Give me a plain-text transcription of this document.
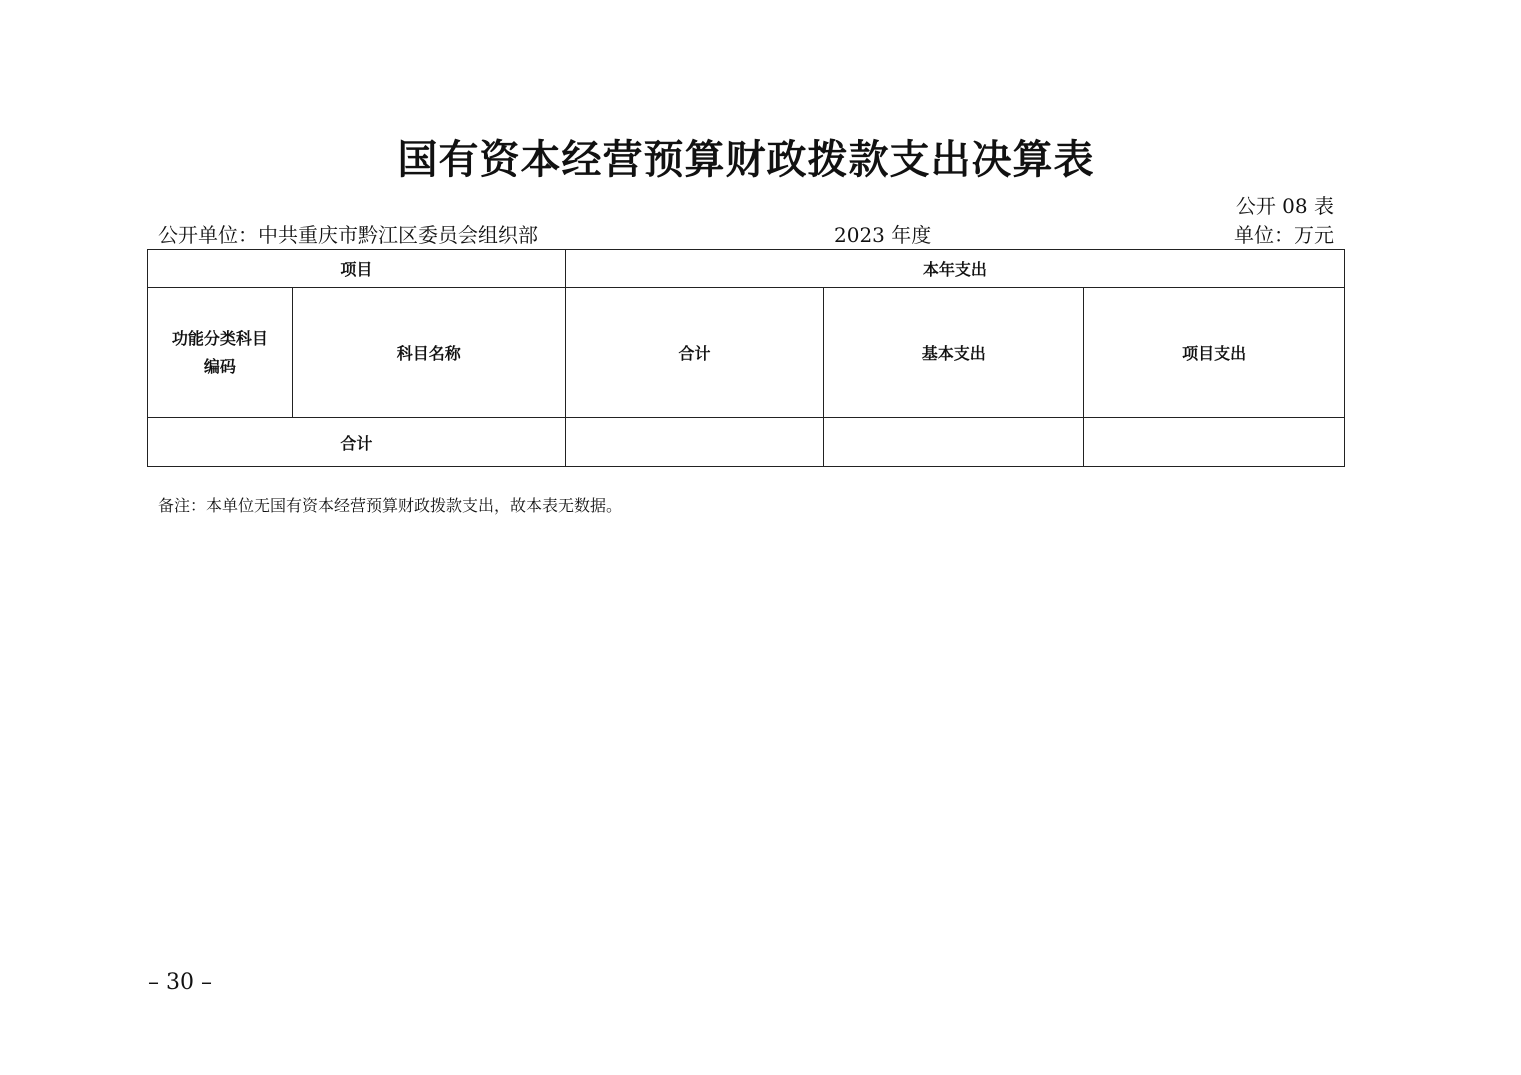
国有资本经营预算财政拨款支出决算表
公开 08 表
公开单位：中共重庆市黔江区委员会组织部	2023 年度	单位：万元
项目		本年支出		
功能分类科目
编码	科目名称	合计	基本支出	项目支出
合计				
备注：本单位无国有资本经营预算财政拨款支出，故本表无数据。
– 30 –
